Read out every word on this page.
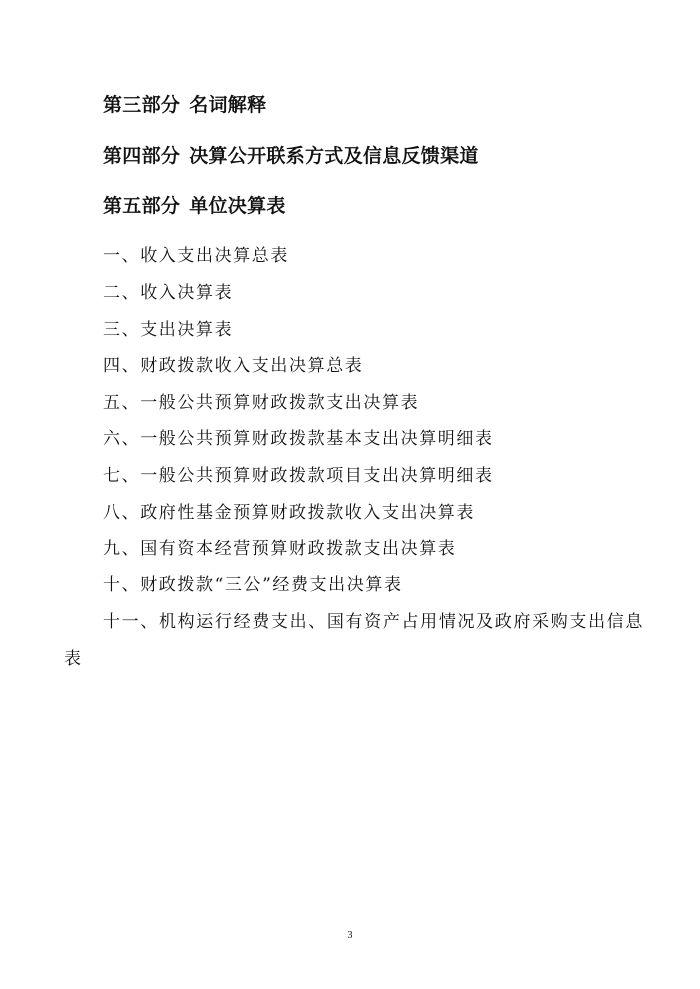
第三部分 名词解释
第四部分 决算公开联系方式及信息反馈渠道
第五部分 单位决算表
一、收入支出决算总表
二、收入决算表
三、支出决算表
四、财政拨款收入支出决算总表
五、一般公共预算财政拨款支出决算表
六、一般公共预算财政拨款基本支出决算明细表
七、一般公共预算财政拨款项目支出决算明细表
八、政府性基金预算财政拨款收入支出决算表
九、国有资本经营预算财政拨款支出决算表
十、财政拨款“三公”经费支出决算表
十一、机构运行经费支出、国有资产占用情况及政府采购支出信息表
3
